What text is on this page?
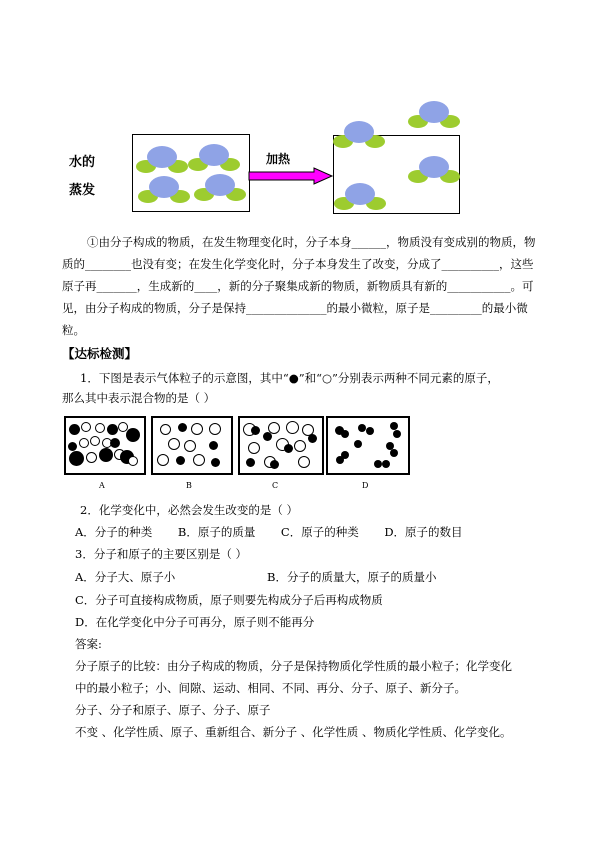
水的
蒸发
加热
①由分子构成的物质，在发生物理变化时，分子本身______，物质没有变成别的物质，物
质的________也没有变；在发生化学变化时，分子本身发生了改变，分成了__________，这些
原子再_______，生成新的____，新的分子聚集成新的物质，新物质具有新的___________。可
见，由分子构成的物质，分子是保持______________的最小微粒，原子是_________的最小微
粒。
【达标检测】
1．下图是表示气体粒子的示意图，其中“●”和“○”分别表示两种不同元素的原子，
那么其中表示混合物的是（ ）
A	B	C	D
2．化学变化中，必然会发生改变的是（ ）
A．分子的种类       B．原子的质量       C．原子的种类       D．原子的数目
3．分子和原子的主要区别是（ ）
A．分子大、原子小	B．分子的质量大，原子的质量小
C．分子可直接构成物质，原子则要先构成分子后再构成物质
D．在化学变化中分子可再分，原子则不能再分
答案:
分子原子的比较：由分子构成的物质，分子是保持物质化学性质的最小粒子；化学变化
中的最小粒子；小、间隙、运动、相同、不同、再分、分子、原子、新分子。
分子、分子和原子、原子、分子、原子
不变 、化学性质、原子、重新组合、新分子 、化学性质 、物质化学性质、化学变化。
